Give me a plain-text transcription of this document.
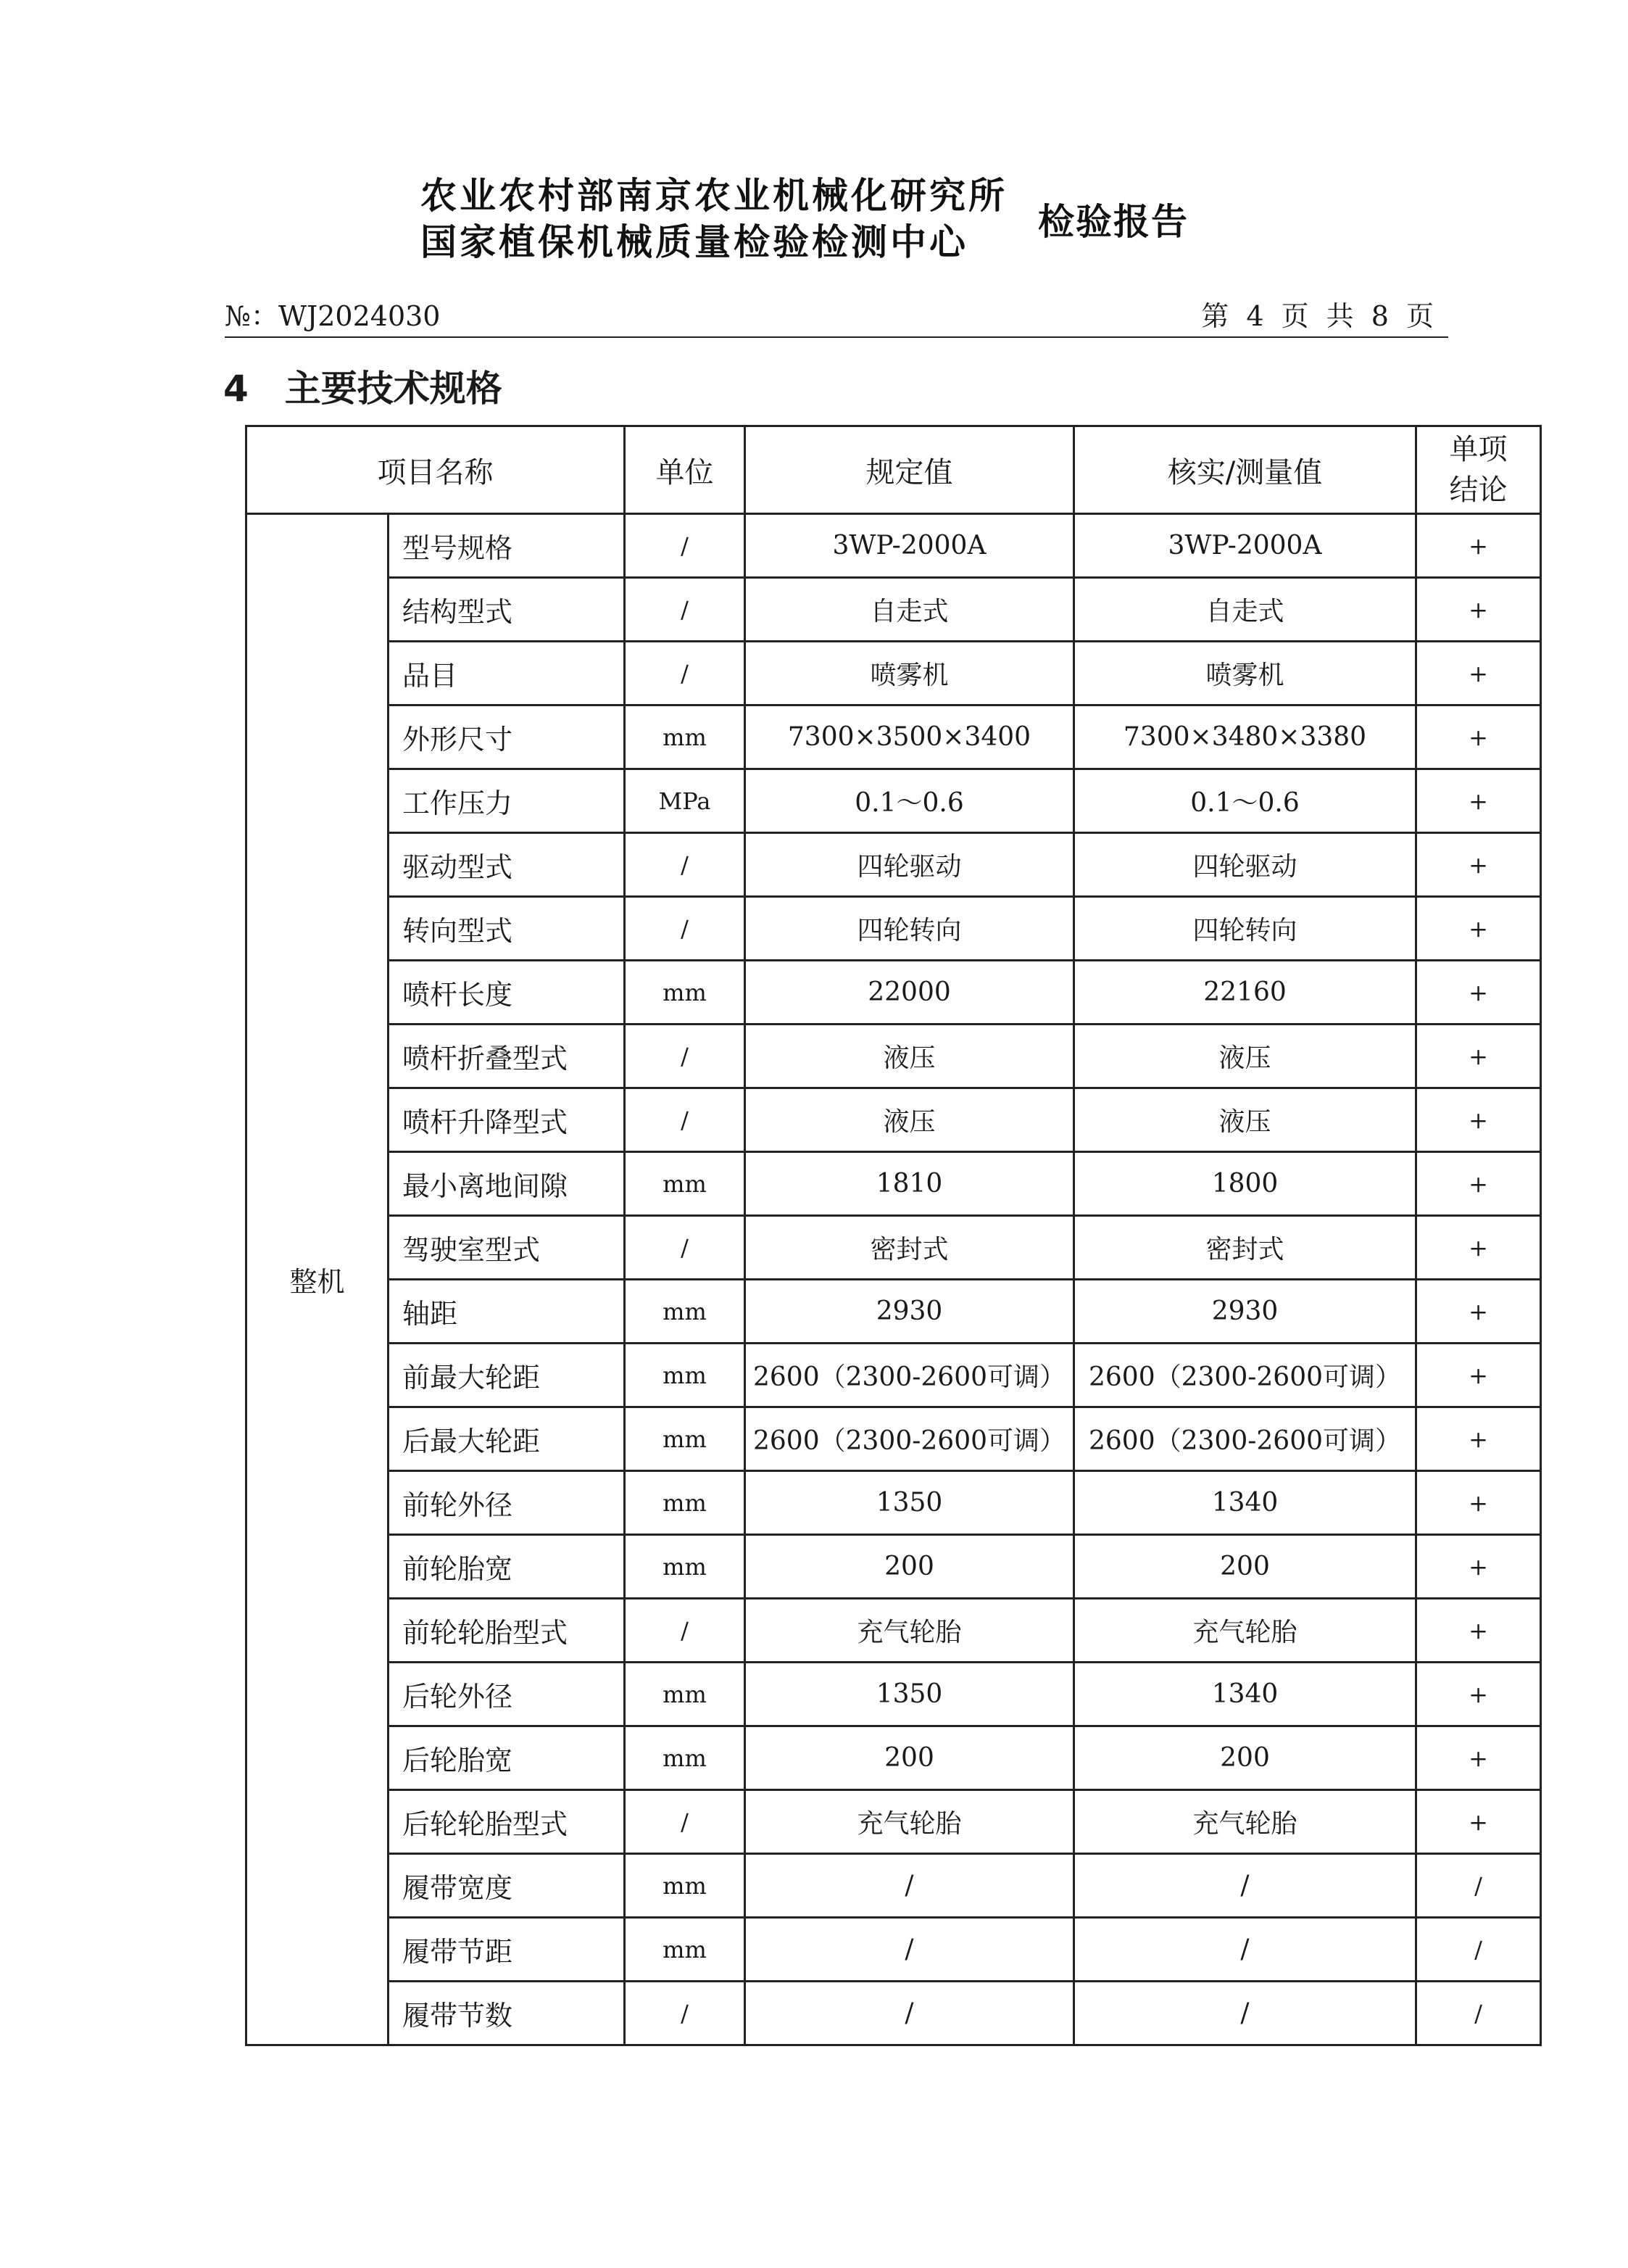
农业农村部南京农业机械化研究所
国家植保机械质量检验检测中心	检验报告
№：WJ2024030	第 4 页 共 8 页
4 主要技术规格
项目名称		单位	规定值	核实/测量值	单项
结论
整机	型号规格	/	3WP-2000A	3WP-2000A	+
	结构型式	/	自走式	自走式	+
	品目	/	喷雾机	喷雾机	+
	外形尺寸	mm	7300×3500×3400	7300×3480×3380	+
	工作压力	MPa	0.1～0.6	0.1～0.6	+
	驱动型式	/	四轮驱动	四轮驱动	+
	转向型式	/	四轮转向	四轮转向	+
	喷杆长度	mm	22000	22160	+
	喷杆折叠型式	/	液压	液压	+
	喷杆升降型式	/	液压	液压	+
	最小离地间隙	mm	1810	1800	+
	驾驶室型式	/	密封式	密封式	+
	轴距	mm	2930	2930	+
	前最大轮距	mm	2600（2300-2600可调）	2600（2300-2600可调）	+
	后最大轮距	mm	2600（2300-2600可调）	2600（2300-2600可调）	+
	前轮外径	mm	1350	1340	+
	前轮胎宽	mm	200	200	+
	前轮轮胎型式	/	充气轮胎	充气轮胎	+
	后轮外径	mm	1350	1340	+
	后轮胎宽	mm	200	200	+
	后轮轮胎型式	/	充气轮胎	充气轮胎	+
	履带宽度	mm	/	/	/
	履带节距	mm	/	/	/
	履带节数	/	/	/	/
